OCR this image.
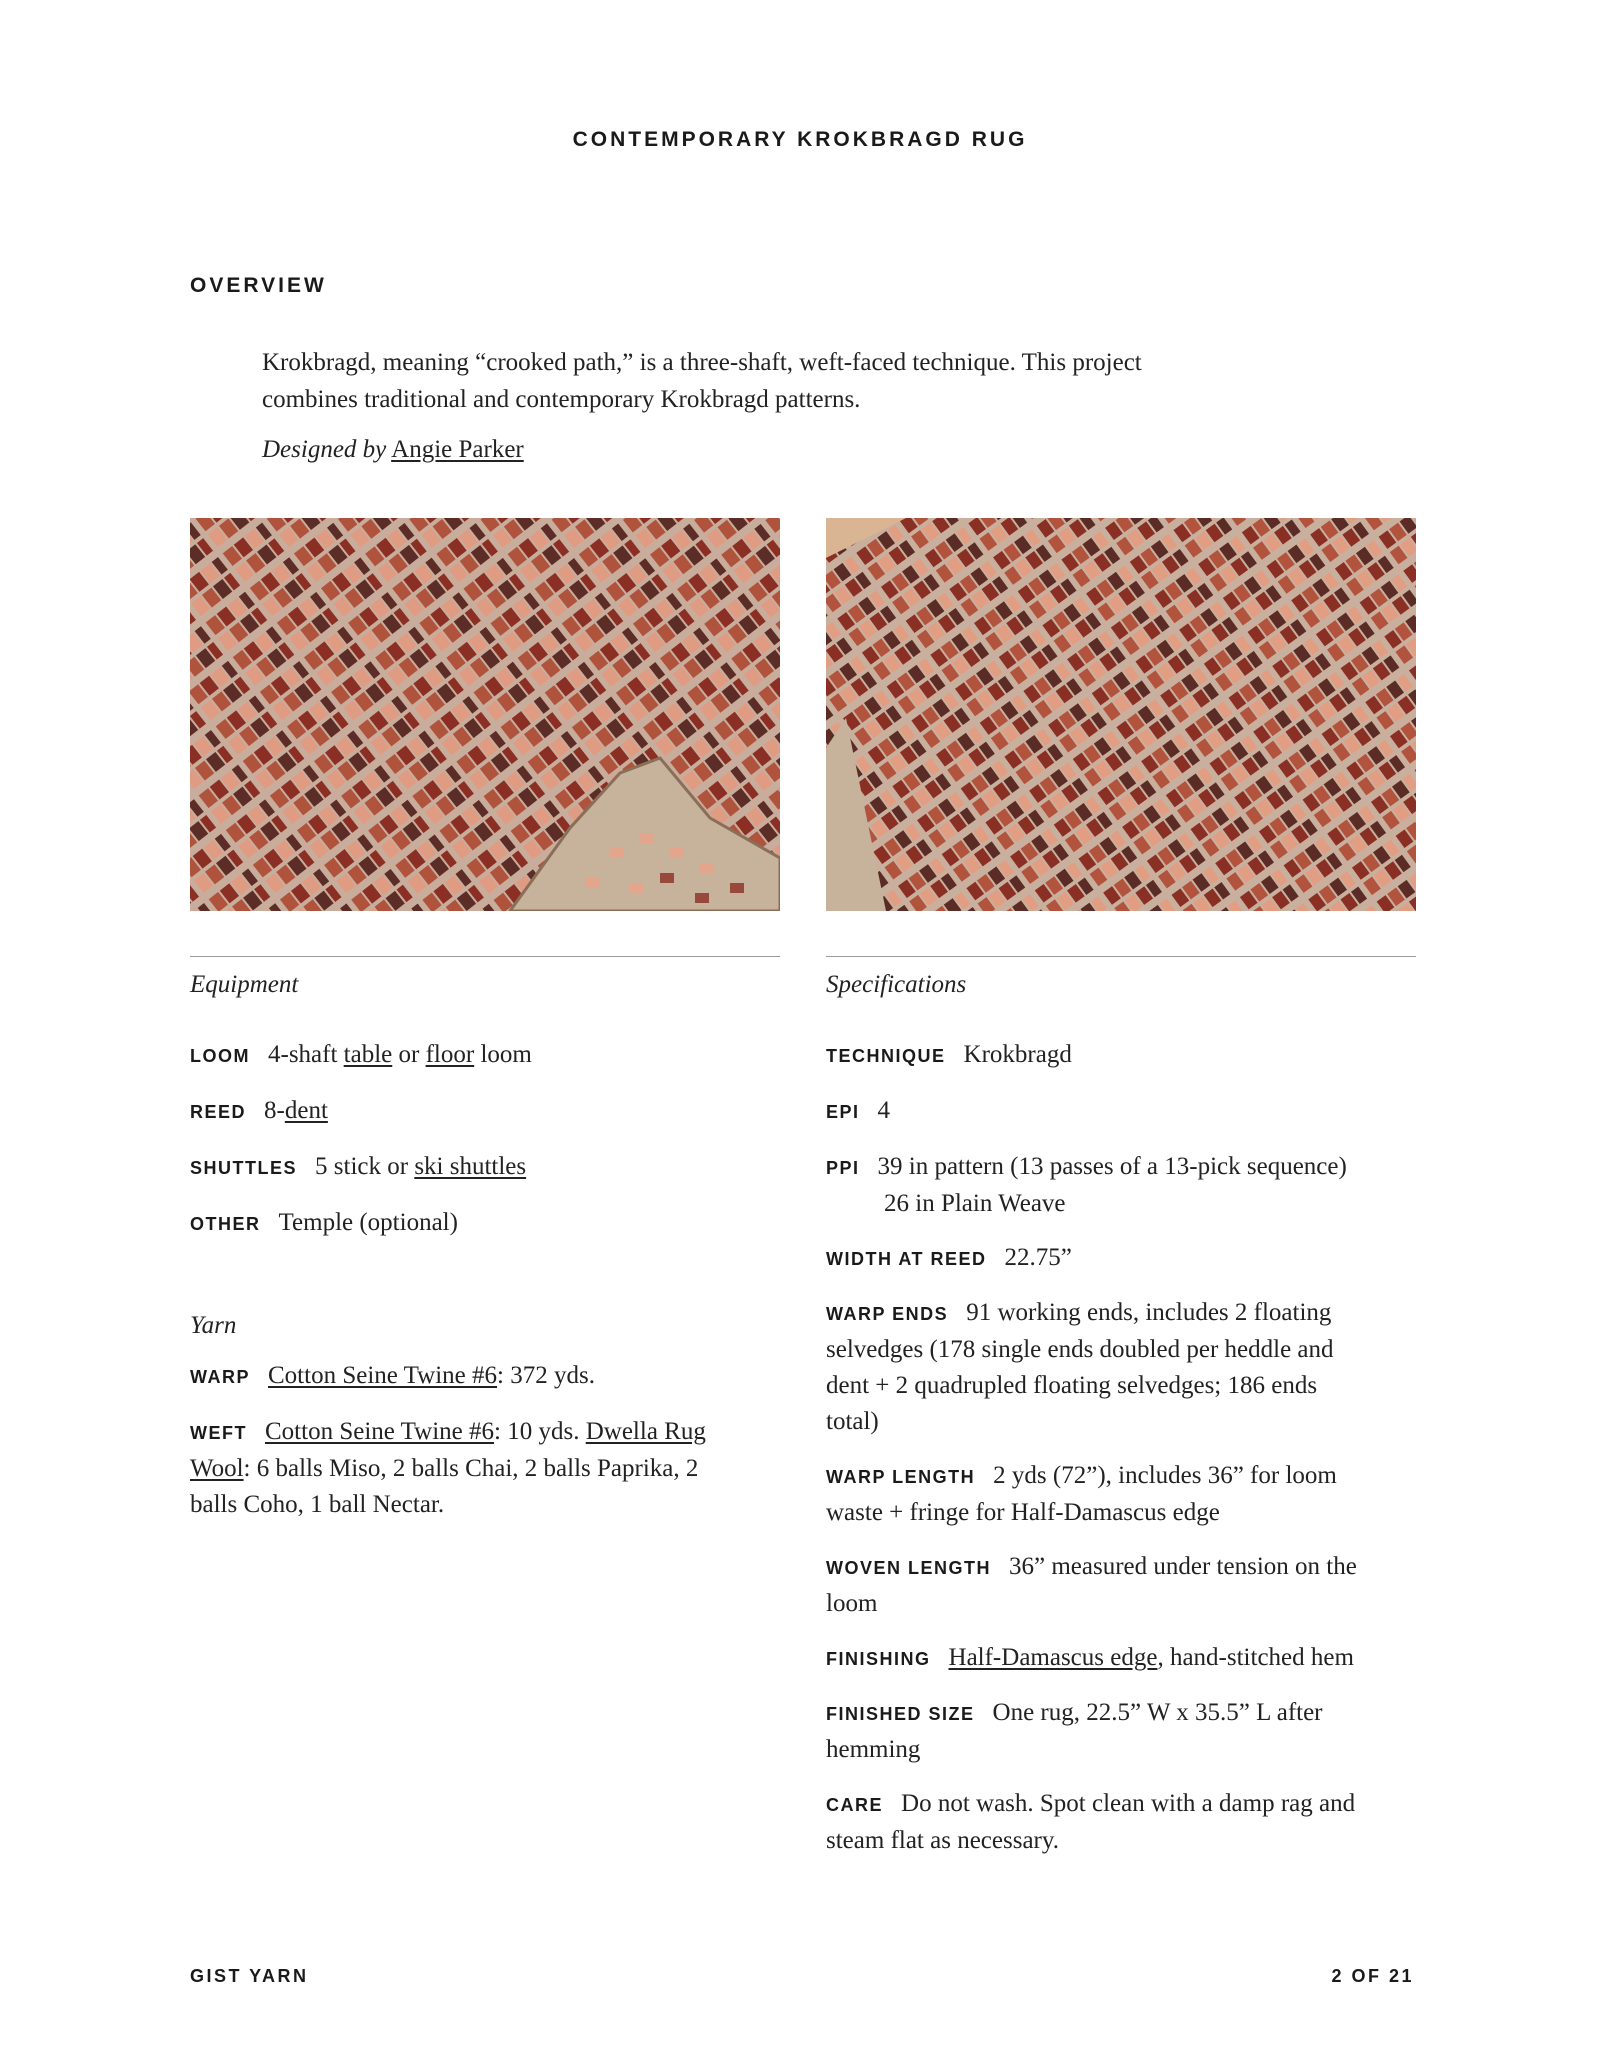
CONTEMPORARY KROKBRAGD RUG
OVERVIEW
Krokbragd, meaning “crooked path,” is a three-shaft, weft-faced technique. This project
combines traditional and contemporary Krokbragd patterns.
Designed by Angie Parker
Equipment
LOOM 4-shaft table or floor loom
REED 8-dent
SHUTTLES 5 stick or ski shuttles
OTHER Temple (optional)
Yarn
WARP Cotton Seine Twine #6: 372 yds.
WEFT Cotton Seine Twine #6: 10 yds. Dwella Rug
Wool: 6 balls Miso, 2 balls Chai, 2 balls Paprika, 2
balls Coho, 1 ball Nectar.
Specifications
TECHNIQUE Krokbragd
EPI 4
PPI 39 in pattern (13 passes of a 13-pick sequence)
26 in Plain Weave
WIDTH AT REED 22.75”
WARP ENDS 91 working ends, includes 2 floating
selvedges (178 single ends doubled per heddle and
dent + 2 quadrupled floating selvedges; 186 ends
total)
WARP LENGTH 2 yds (72”), includes 36” for loom
waste + fringe for Half-Damascus edge
WOVEN LENGTH 36” measured under tension on the
loom
FINISHING Half-Damascus edge, hand-stitched hem
FINISHED SIZE One rug, 22.5” W x 35.5” L after
hemming
CARE Do not wash. Spot clean with a damp rag and
steam flat as necessary.
GIST YARN	2 OF 21
